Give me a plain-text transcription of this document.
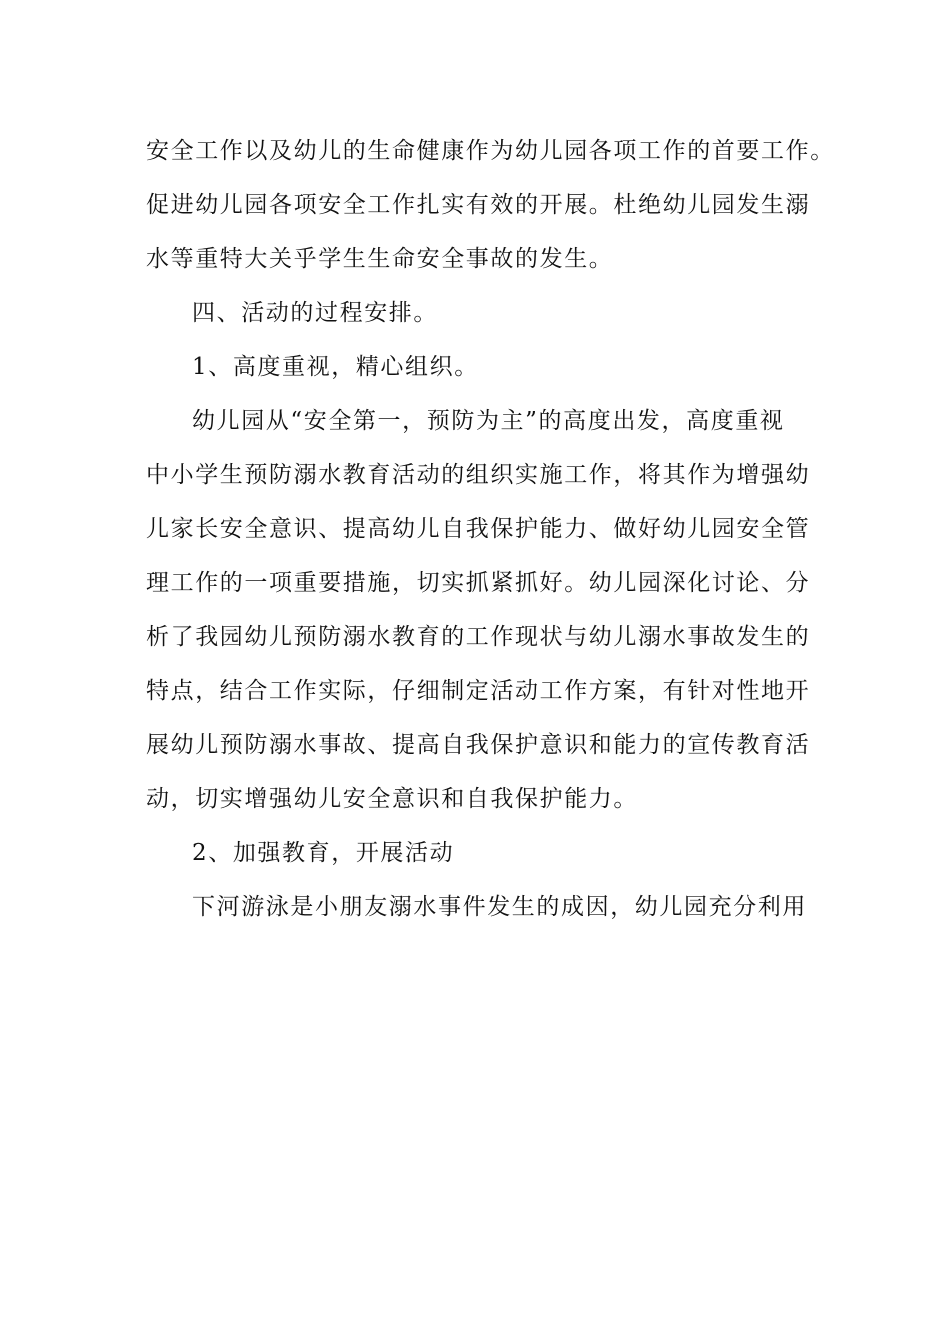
安全工作以及幼儿的生命健康作为幼儿园各项工作的首要工作。
促进幼儿园各项安全工作扎实有效的开展。杜绝幼儿园发生溺
水等重特大关乎学生生命安全事故的发生。
四、活动的过程安排。
1、高度重视，精心组织。
幼儿园从“安全第一，预防为主”的高度出发，高度重视
中小学生预防溺水教育活动的组织实施工作，将其作为增强幼
儿家长安全意识、提高幼儿自我保护能力、做好幼儿园安全管
理工作的一项重要措施，切实抓紧抓好。幼儿园深化讨论、分
析了我园幼儿预防溺水教育的工作现状与幼儿溺水事故发生的
特点，结合工作实际，仔细制定活动工作方案，有针对性地开
展幼儿预防溺水事故、提高自我保护意识和能力的宣传教育活
动，切实增强幼儿安全意识和自我保护能力。
2、加强教育，开展活动
下河游泳是小朋友溺水事件发生的成因，幼儿园充分利用
